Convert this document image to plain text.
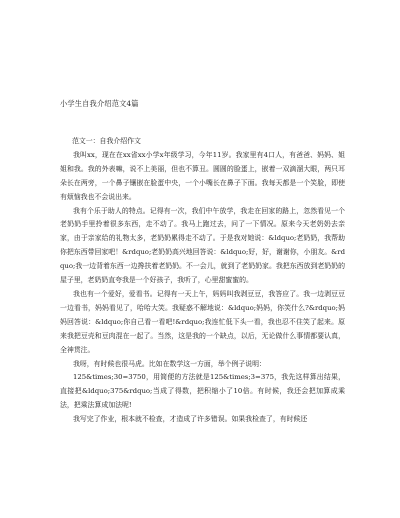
小学生自我介绍范文4篇

范文一：自我介绍作文

我叫xx，现在在xx省xx小学x年级学习，今年11岁。我家里有4口人，有爸爸、妈妈、姐姐和我。我的外表嘛，说不上美丽，但也不算丑。圆圆的脸蛋上，嵌着一双滴溜大眼，两只耳朵长在两旁，一个鼻子镶嵌在脸蛋中央，一个小嘴长在鼻子下面。我每天都是一个笑脸，即使有烦恼我也不会说出来。

我有个乐于助人的特点。记得有一次，我们中午放学，我走在回家的路上，忽然看见一个老奶奶手里拎着很多东西，走不动了。我马上跑过去，问了一下情况。原来今天老奶奶去亲家，由于亲家给的礼物太多，老奶奶累得走不动了。于是我对她说：&ldquo;老奶奶，我帮助你把东西带回家吧！&rdquo;老奶奶高兴地回答说：&ldquo;好，好，谢谢你，小朋友。&rdquo;我一边背着东西一边搀扶着老奶奶。不一会儿，就到了老奶奶家。我把东西放到老奶奶的屋子里，老奶奶直夸我是一个好孩子，我听了，心里甜蜜蜜的。

我也有一个爱好，爱看书。记得有一天上午，妈妈叫我剥豆豆，我答应了。我一边剥豆豆一边看书，妈妈看见了，哈哈大笑。我疑惑不解地说：&ldquo;妈妈，你笑什么?&rdquo;妈妈回答说：&ldquo;你自己看一看吧!&rdquo;我连忙低下头一看，我也忍不住笑了起来。原来我把豆壳和豆肉混在一起了。当然，这是我的一个缺点，以后，无论做什么事情都要认真，全神贯注。

我呀，有时候也很马虎。比如在数学这一方面，举个例子说明：

125&times;30=3750，用简便的方法就是125&times;3=375，我先这样算出结果，直接把&ldquo;375&rdquo;当成了得数，把积缩小了10倍。有时候，我还会把加算成乘法，把乘法算成加法呢!

我写完了作业，根本就不检查，才造成了许多错误。如果我检查了，有时候还
